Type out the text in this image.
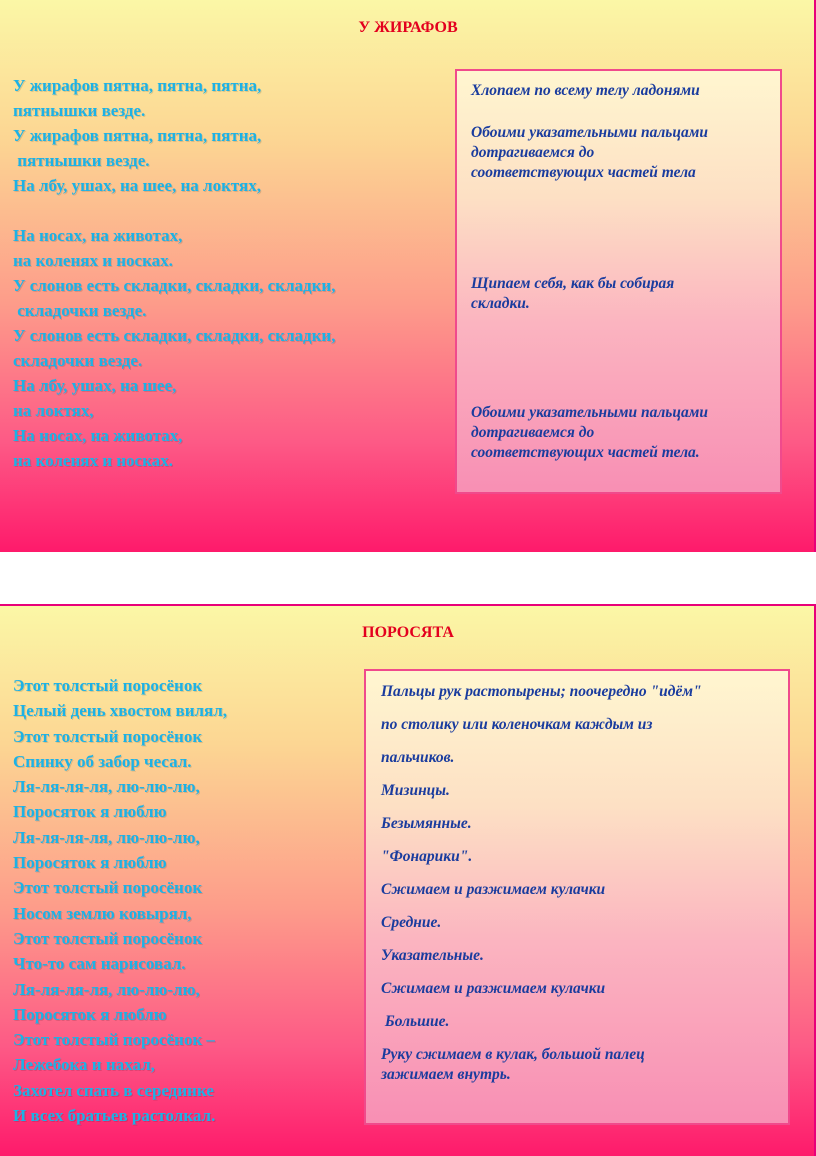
У ЖИРАФОВ
У жирафов пятна, пятна, пятна,
пятнышки везде.
У жирафов пятна, пятна, пятна,
пятнышки везде.
На лбу, ушах, на шее, на локтях,

На носах, на животах,
на коленях и носках.
У слонов есть складки, складки, складки,
складочки везде.
У слонов есть складки, складки, складки,
складочки везде.
На лбу, ушах, на шее,
на локтях,
На носах, на животах,
на коленях и носках.
Хлопаем по всему телу ладонями
Обоими указательными пальцами
дотрагиваемся до
соответствующих частей тела
Щипаем себя, как бы собирая
складки.
Обоими указательными пальцами
дотрагиваемся до
соответствующих частей тела.
ПОРОСЯТА
Этот толстый поросёнок
Целый день хвостом вилял,
Этот толстый поросёнок
Спинку об забор чесал.
Ля-ля-ля-ля, лю-лю-лю,
Поросяток я люблю
Ля-ля-ля-ля, лю-лю-лю,
Поросяток я люблю
Этот толстый поросёнок
Носом землю ковырял,
Этот толстый поросёнок
Что-то сам нарисовал.
Ля-ля-ля-ля, лю-лю-лю,
Поросяток я люблю
Этот толстый поросёнок –
Лежебока и нахал,
Захотел спать в серединке
И всех братьев растолкал.
Пальцы рук растопырены; поочередно "идём"
по столику или коленочкам каждым из
пальчиков.
Мизинцы.
Безымянные.
"Фонарики".
Сжимаем и разжимаем кулачки
Средние.
Указательные.
Сжимаем и разжимаем кулачки
Большие.
Руку сжимаем в кулак, большой палец
зажимаем внутрь.
